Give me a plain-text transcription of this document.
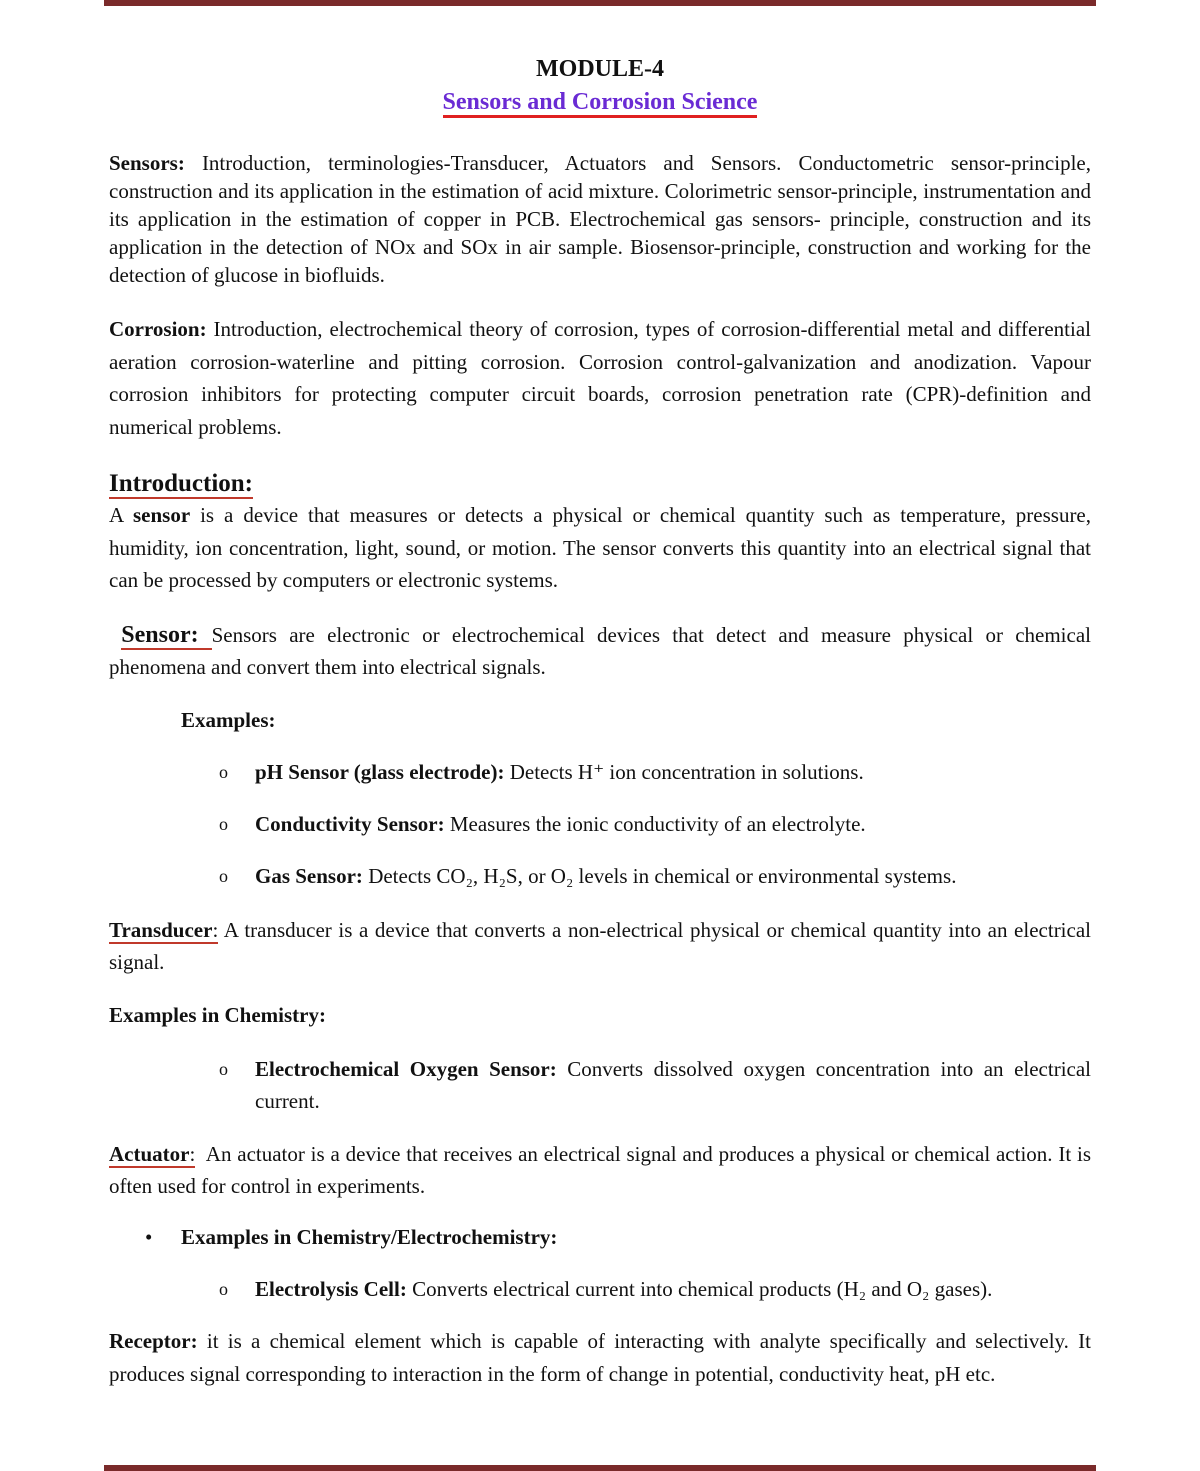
MODULE-4

Sensors and Corrosion Science

Sensors: Introduction, terminologies-Transducer, Actuators and Sensors. Conductometric sensor-principle, construction and its application in the estimation of acid mixture. Colorimetric sensor-principle, instrumentation and its application in the estimation of copper in PCB. Electrochemical gas sensors- principle, construction and its application in the detection of NOx and SOx in air sample. Biosensor-principle, construction and working for the detection of glucose in biofluids.

Corrosion: Introduction, electrochemical theory of corrosion, types of corrosion-differential metal and differential aeration corrosion-waterline and pitting corrosion. Corrosion control-galvanization and anodization. Vapour corrosion inhibitors for protecting computer circuit boards, corrosion penetration rate (CPR)-definition and numerical problems.

Introduction:

A sensor is a device that measures or detects a physical or chemical quantity such as temperature, pressure, humidity, ion concentration, light, sound, or motion. The sensor converts this quantity into an electrical signal that can be processed by computers or electronic systems.

Sensor: Sensors are electronic or electrochemical devices that detect and measure physical or chemical phenomena and convert them into electrical signals.

Examples:

o pH Sensor (glass electrode): Detects H⁺ ion concentration in solutions.
o Conductivity Sensor: Measures the ionic conductivity of an electrolyte.
o Gas Sensor: Detects CO₂, H₂S, or O₂ levels in chemical or environmental systems.

Transducer: A transducer is a device that converts a non-electrical physical or chemical quantity into an electrical signal.

Examples in Chemistry:

o Electrochemical Oxygen Sensor: Converts dissolved oxygen concentration into an electrical current.

Actuator:  An actuator is a device that receives an electrical signal and produces a physical or chemical action. It is often used for control in experiments.

• Examples in Chemistry/Electrochemistry:
o Electrolysis Cell: Converts electrical current into chemical products (H₂ and O₂ gases).

Receptor: it is a chemical element which is capable of interacting with analyte specifically and selectively. It produces signal corresponding to interaction in the form of change in potential, conductivity heat, pH etc.
